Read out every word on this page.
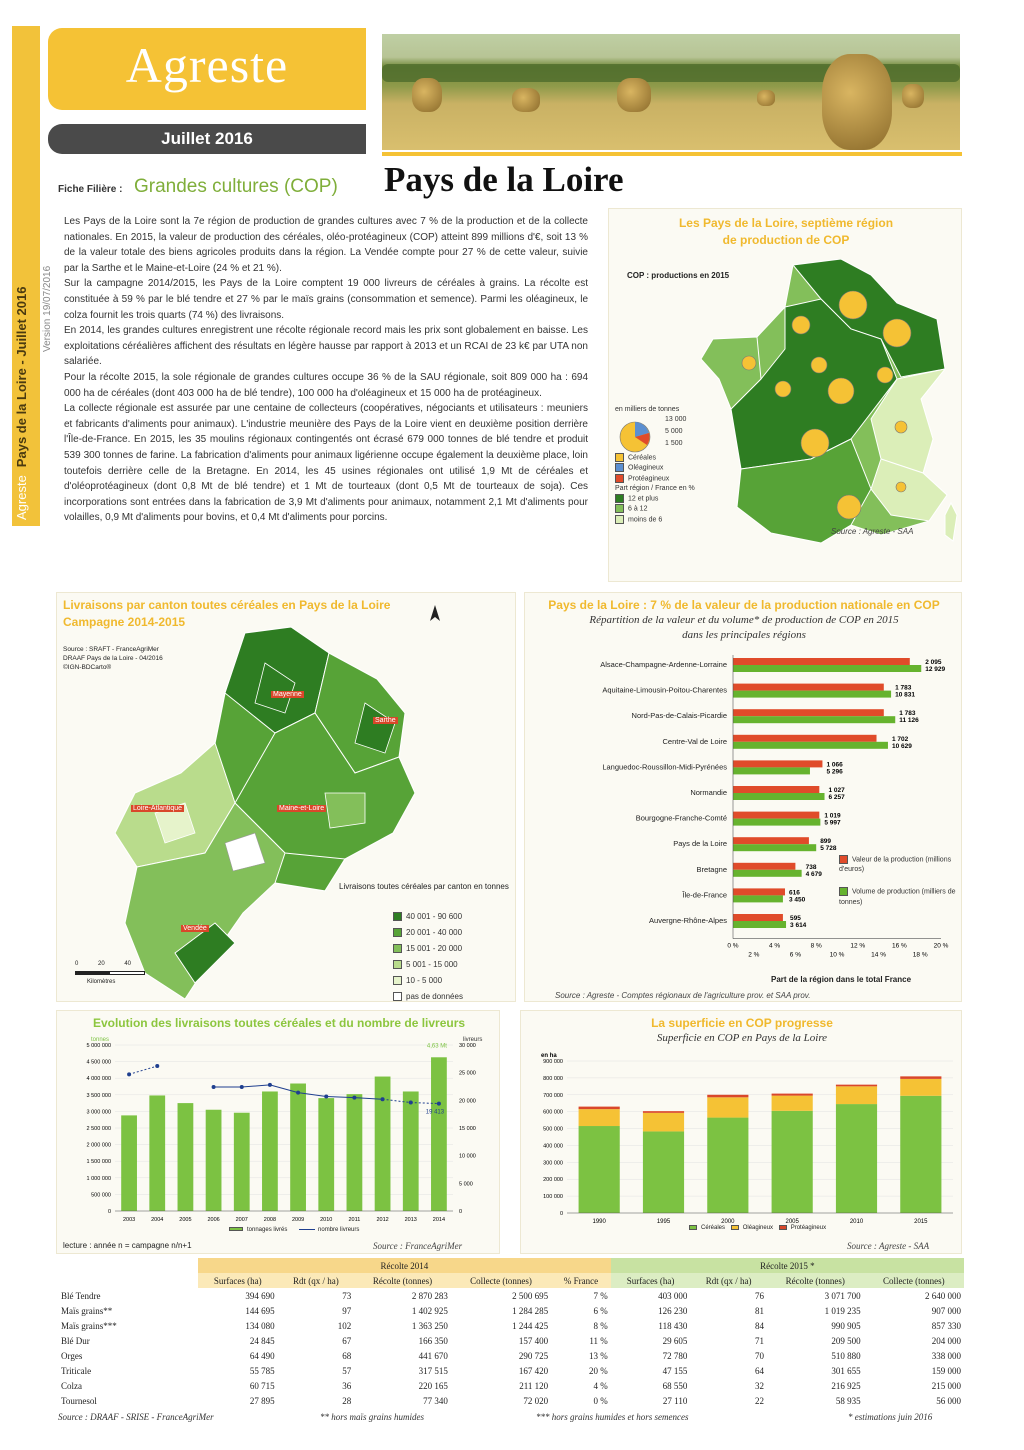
AgrestePays de la Loire - Juillet 2016 Version 19/07/2016
Agreste
Juillet 2016
Fiche Filière : Grandes cultures (COP) Pays de la Loire

Les Pays de la Loire sont la 7e région de production de grandes cultures avec 7 % de la production et de la collecte nationales. En 2015, la valeur de production des céréales, oléo-protéagineux (COP) atteint 899 millions d'€, soit 13 % de la valeur totale des biens agricoles produits dans la région. La Vendée compte pour 27 % de cette valeur, suivie par la Sarthe et le Maine-et-Loire (24 % et 21 %).

Sur la campagne 2014/2015, les Pays de la Loire comptent 19 000 livreurs de céréales à grains. La récolte est constituée à 59 % par le blé tendre et 27 % par le maïs grains (consommation et semence). Parmi les oléagineux, le colza fournit les trois quarts (74 %) des livraisons.

En 2014, les grandes cultures enregistrent une récolte régionale record mais les prix sont globalement en baisse. Les exploitations céréalières affichent des résultats en légère hausse par rapport à 2013 et un RCAI de 23 k€ par UTA non salariée.

Pour la récolte 2015, la sole régionale de grandes cultures occupe 36 % de la SAU régionale, soit 809 000 ha : 694 000 ha de céréales (dont 403 000 ha de blé tendre), 100 000 ha d'oléagineux et 15 000 ha de protéagineux.

La collecte régionale est assurée par une centaine de collecteurs (coopératives, négociants et utilisateurs : meuniers et fabricants d'aliments pour animaux). L'industrie meunière des Pays de la Loire vient en deuxième position derrière l'Île-de-France. En 2015, les 35 moulins régionaux contingentés ont écrasé 679 000 tonnes de blé tendre et produit 539 300 tonnes de farine. La fabrication d'aliments pour animaux ligérienne occupe également la deuxième place, loin toutefois derrière celle de la Bretagne. En 2014, les 45 usines régionales ont utilisé 1,9 Mt de céréales et d'oléoprotéagineux (dont 0,8 Mt de blé tendre) et 1 Mt de tourteaux (dont 0,5 Mt de tourteaux de soja). Ces incorporations sont entrées dans la fabrication de 3,9 Mt d'aliments pour animaux, notamment 2,1 Mt d'aliments pour volailles, 0,9 Mt d'aliments pour bovins, et 0,4 Mt d'aliments pour porcins.

Les Pays de la Loire, septième région
de production de COP
COP : productions en 2015
en milliers de tonnes
13 000
5 000
1 500
Céréales
Oléagineux
Protéagineux
Part région / France en %
12 et plus
6 à 12
moins de 6
Source : Agreste - SAA
Livraisons par canton toutes céréales en Pays de la Loire
Campagne 2014-2015
Source : SRAFT - FranceAgriMer
DRAAF Pays de la Loire - 04/2016
©IGN-BDCarto®
Mayenne
Sarthe
Loire-Atlantique	Maine-et-Loire
Vendée
Livraisons toutes céréales par canton en tonnes
40 001 - 90 600
20 001 - 40 000
15 001 - 20 000
5 001 - 15 000
10 - 5 000
pas de données
0 20 40
Kilomètres
Pays de la Loire : 7 % de la valeur de la production nationale en COP
Répartition de la valeur et du volume* de production de COP en 2015
dans les principales régions
Alsace-Champagne-Ardenne-Lorraine	2 095
12 929
Aquitaine-Limousin-Poitou-Charentes	1 783
10 831
Nord-Pas-de-Calais-Picardie	1 783
11 126
Centre-Val de Loire	1 702
10 629
Languedoc-Roussillon-Midi-Pyrénées	1 066
5 296
Normandie	1 027
6 257
Bourgogne-Franche-Comté	1 019
5 997
Pays de la Loire	899
5 728
Bretagne	738
4 679
Île-de-France	616
3 450
Auvergne-Rhône-Alpes	595
3 614
0 %
2 %
4 %
6 %
8 %
10 %
12 %
14 %
16 %
18 %
20 %
Valeur de la production (millions d'euros)
Volume de production (milliers de tonnes)
Part de la région dans le total France
Source : Agreste - Comptes régionaux de l'agriculture prov. et SAA prov.
Evolution des livraisons toutes céréales et du nombre de livreurs
tonnes	livreurs
0
500 000
1 000 000
1 500 000
2 000 000
2 500 000
3 000 000
3 500 000
4 000 000
4 500 000
5 000 000
0
5 000
10 000
15 000
20 000
25 000
30 000
2003	2004	2005	2006	2007	2008	2009	2010	2011	2012	2013	2014
4,63 Mt
19 413
tonnages livrés	nombre livreurs
lecture : année n = campagne n/n+1	Source : FranceAgriMer
La superficie en COP progresse
Superficie en COP en Pays de la Loire
en ha
0
100 000
200 000
300 000
400 000
500 000
600 000
700 000
800 000
900 000
1990	1995	2000	2005	2010	2015
Céréales	Oléagineux	Protéagineux
Source : Agreste - SAA
	Récolte 2014					Récolte 2015 *			
	Surfaces (ha)	Rdt (qx / ha)	Récolte (tonnes)	Collecte (tonnes)	% France	Surfaces (ha)	Rdt (qx / ha)	Récolte (tonnes)	Collecte (tonnes)
Blé Tendre	394 690	73	2 870 283	2 500 695	7 %	403 000	76	3 071 700	2 640 000
Maïs grains**	144 695	97	1 402 925	1 284 285	6 %	126 230	81	1 019 235	907 000
Maïs grains***	134 080	102	1 363 250	1 244 425	8 %	118 430	84	990 905	857 330
Blé Dur	24 845	67	166 350	157 400	11 %	29 605	71	209 500	204 000
Orges	64 490	68	441 670	290 725	13 %	72 780	70	510 880	338 000
Triticale	55 785	57	317 515	167 420	20 %	47 155	64	301 655	159 000
Colza	60 715	36	220 165	211 120	4 %	68 550	32	216 925	215 000
Tournesol	27 895	28	77 340	72 020	0 %	27 110	22	58 935	56 000
Source : DRAAF - SRISE - FranceAgriMer	** hors maïs grains humides	*** hors grains humides et hors semences	* estimations juin 2016
